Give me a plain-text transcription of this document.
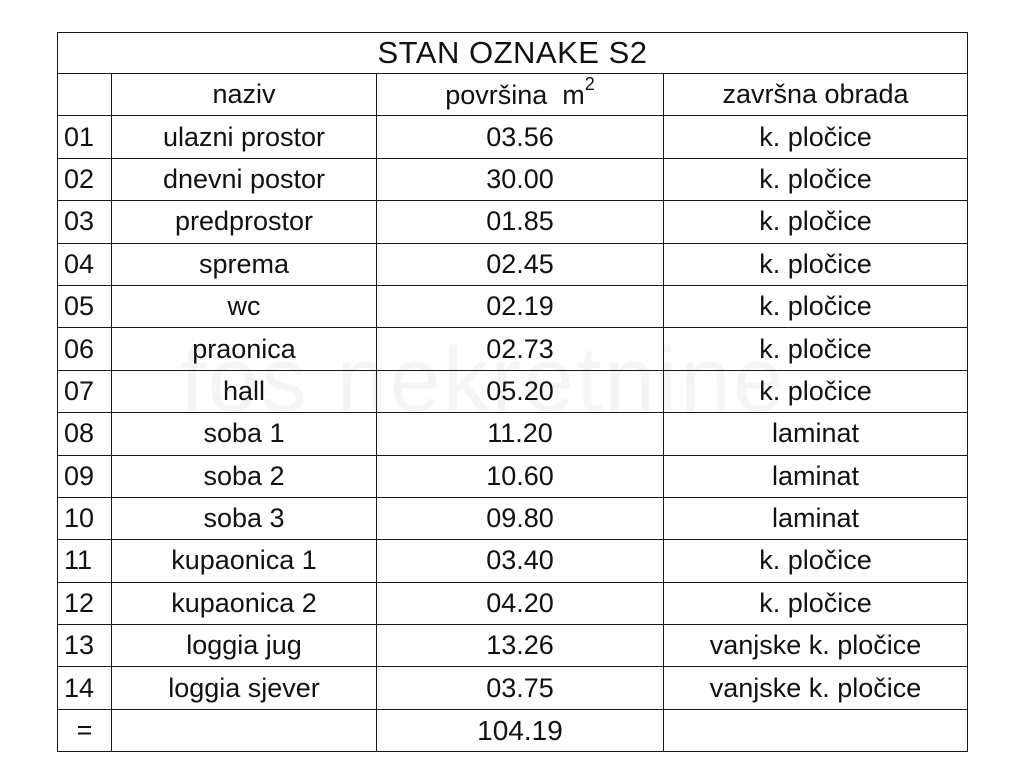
STAN OZNAKE S2			
	naziv	površina $m^2$	završna obrada
01	ulazni prostor	03.56	k. pločice
02	dnevni postor	30.00	k. pločice
03	predprostor	01.85	k. pločice
04	sprema	02.45	k. pločice
05	wc	02.19	k. pločice
06	praonica	02.73	k. pločice
07	hall	05.20	k. pločice
08	soba 1	11.20	laminat
09	soba 2	10.60	laminat
10	soba 3	09.80	laminat
11	kupaonica 1	03.40	k. pločice
12	kupaonica 2	04.20	k. pločice
13	loggia jug	13.26	vanjske k. pločice
14	loggia sjever	03.75	vanjske k. pločice
=		104.19	
